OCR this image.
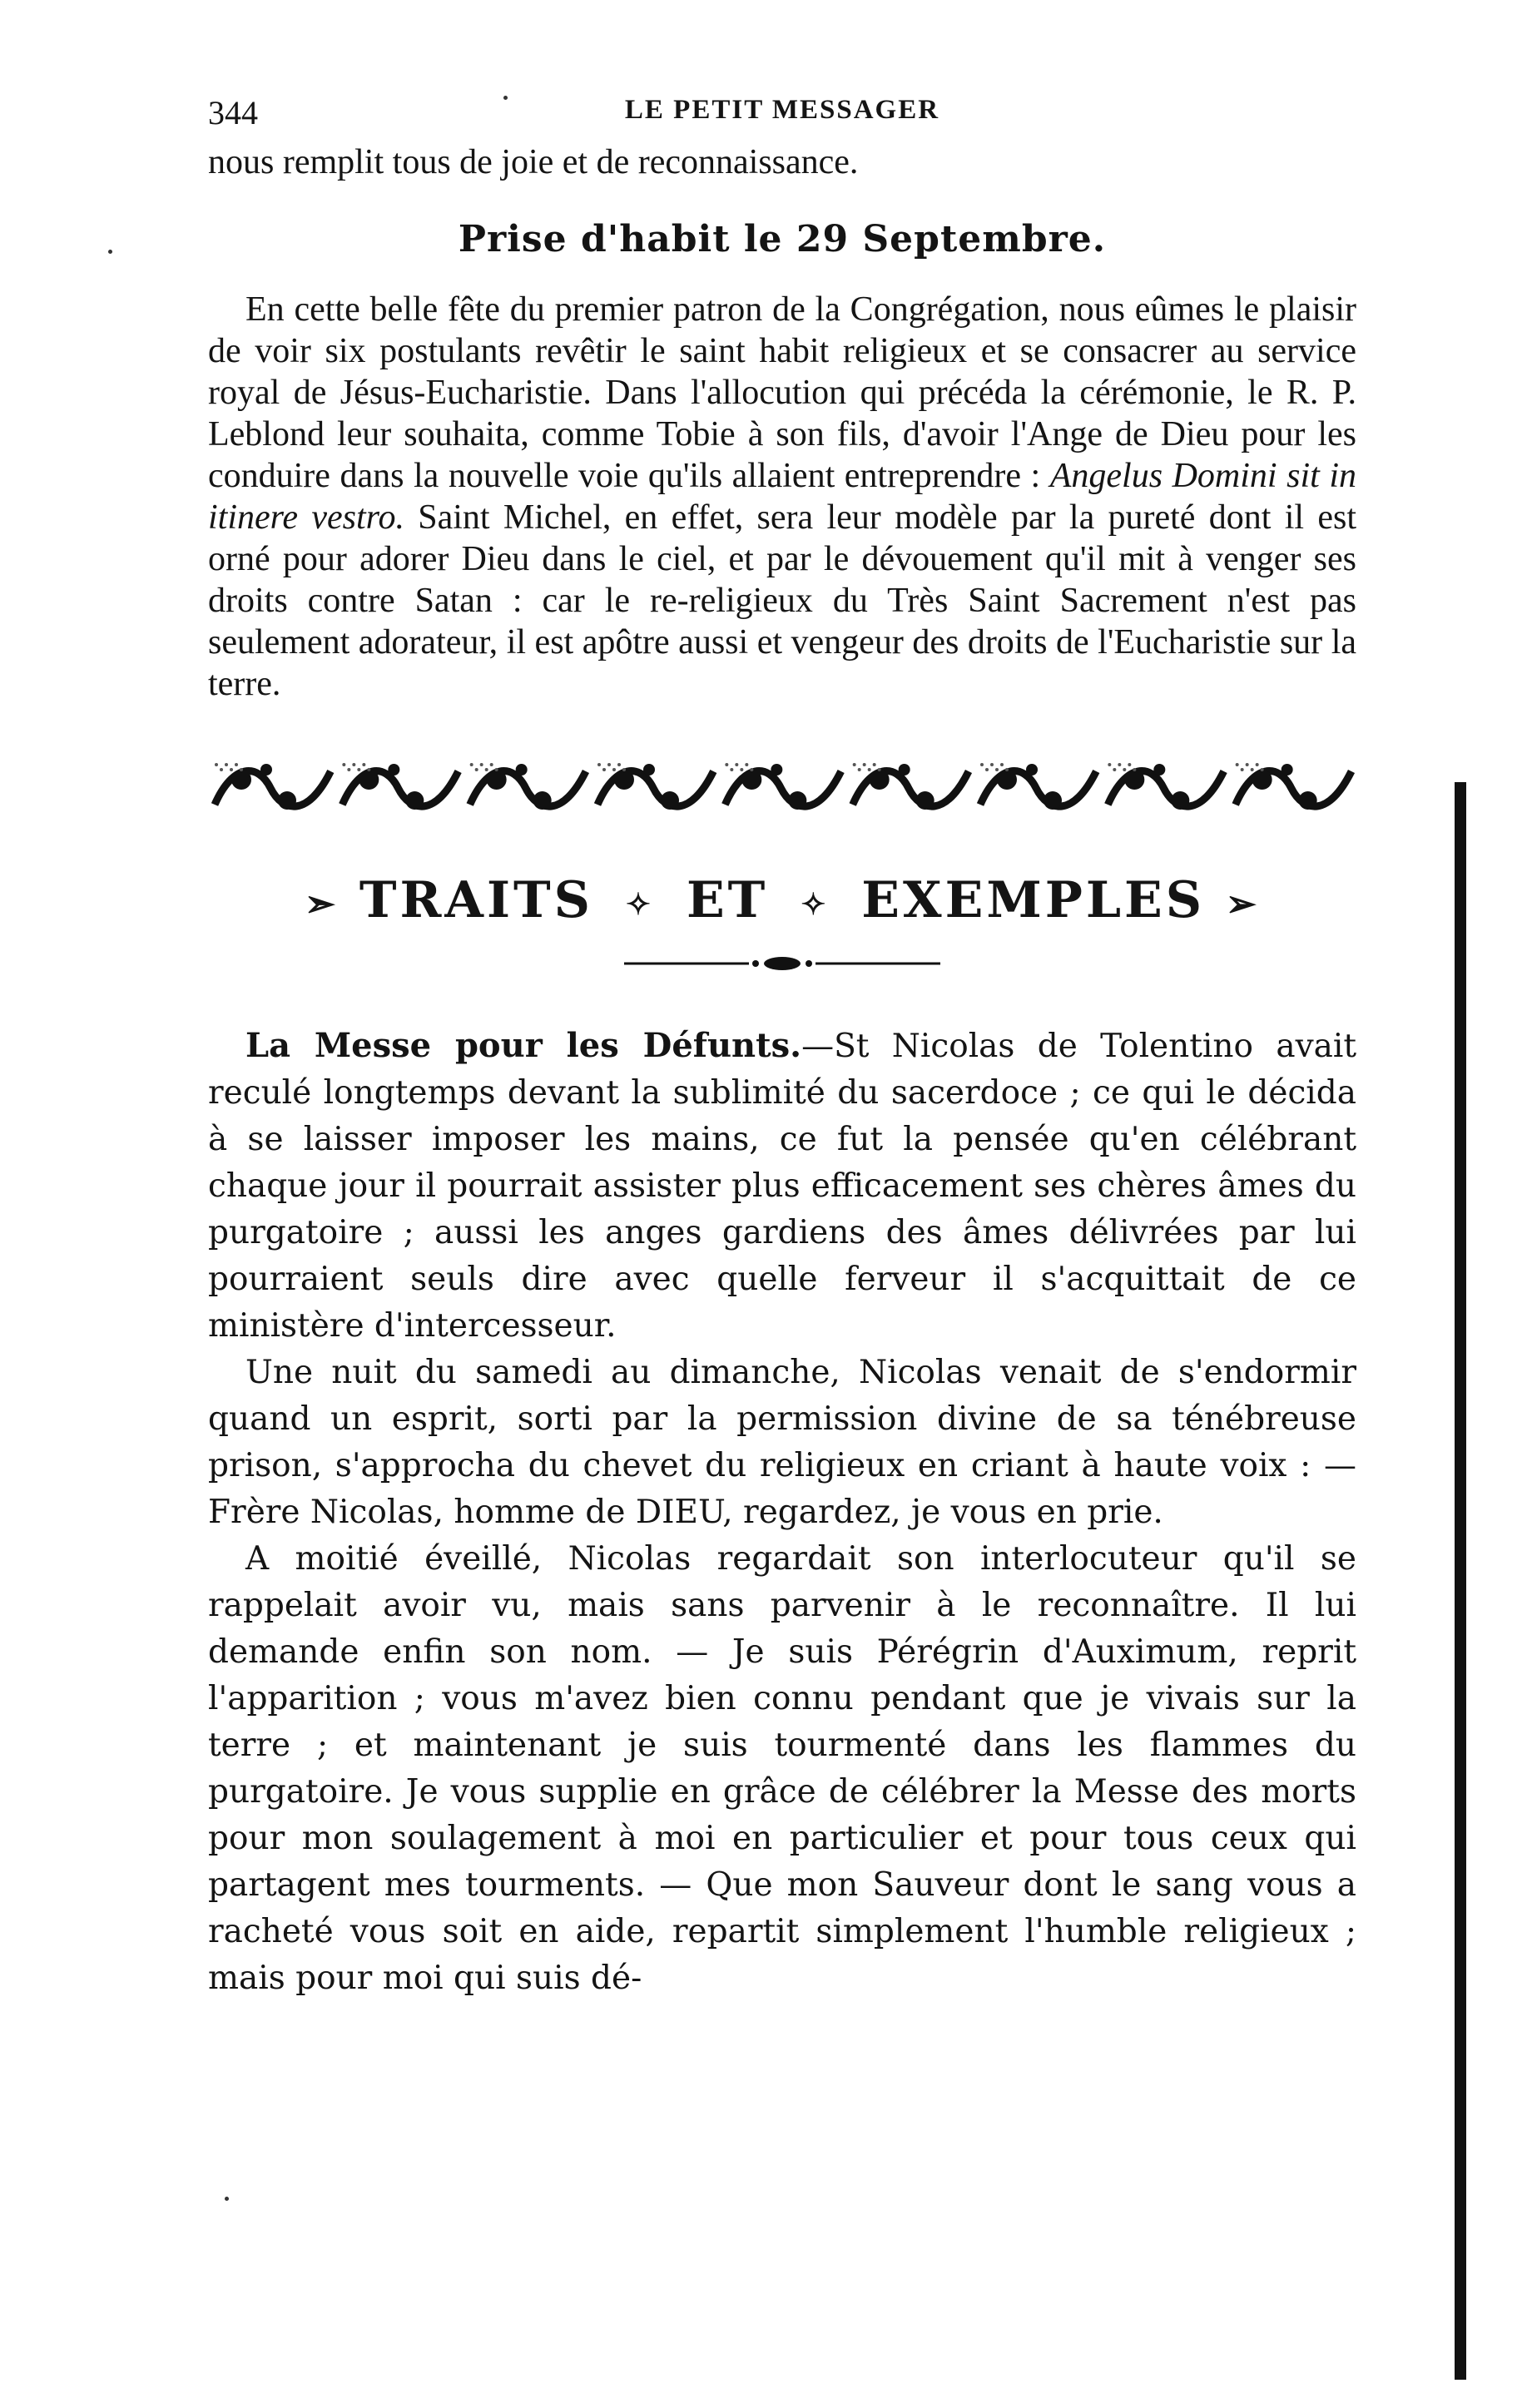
344	LE PETIT MESSAGER

nous remplit tous de joie et de reconnaissance.

Prise d'habit le 29 Septembre.

En cette belle fête du premier patron de la Congrégation, nous eûmes le plaisir de voir six postulants revêtir le saint habit religieux et se consacrer au service royal de Jésus-Eucharistie. Dans l'allocution qui précéda la cérémonie, le R. P. Leblond leur souhaita, comme Tobie à son fils, d'avoir l'Ange de Dieu pour les conduire dans la nouvelle voie qu'ils allaient entreprendre : Angelus Domini sit in itinere vestro. Saint Michel, en effet, sera leur modèle par la pureté dont il est orné pour adorer Dieu dans le ciel, et par le dévouement qu'il mit à venger ses droits contre Satan : car le re-religieux du Très Saint Sacrement n'est pas seulement adorateur, il est apôtre aussi et vengeur des droits de l'Eucharistie sur la terre.

➣ TRAITS ✧ ET ✧ EXEMPLES ➢

La Messe pour les Défunts.—St Nicolas de Tolentino avait reculé longtemps devant la sublimité du sacerdoce ; ce qui le décida à se laisser imposer les mains, ce fut la pensée qu'en célébrant chaque jour il pourrait assister plus efficacement ses chères âmes du purgatoire ; aussi les anges gardiens des âmes délivrées par lui pourraient seuls dire avec quelle ferveur il s'acquittait de ce ministère d'intercesseur.

Une nuit du samedi au dimanche, Nicolas venait de s'endormir quand un esprit, sorti par la permission divine de sa ténébreuse prison, s'approcha du chevet du religieux en criant à haute voix : — Frère Nicolas, homme de DIEU, regardez, je vous en prie.

A moitié éveillé, Nicolas regardait son interlocuteur qu'il se rappelait avoir vu, mais sans parvenir à le reconnaître. Il lui demande enfin son nom. — Je suis Pérégrin d'Auximum, reprit l'apparition ; vous m'avez bien connu pendant que je vivais sur la terre ; et maintenant je suis tourmenté dans les flammes du purgatoire. Je vous supplie en grâce de célébrer la Messe des morts pour mon soulagement à moi en particulier et pour tous ceux qui partagent mes tourments. — Que mon Sauveur dont le sang vous a racheté vous soit en aide, repartit simplement l'humble religieux ; mais pour moi qui suis dé-
